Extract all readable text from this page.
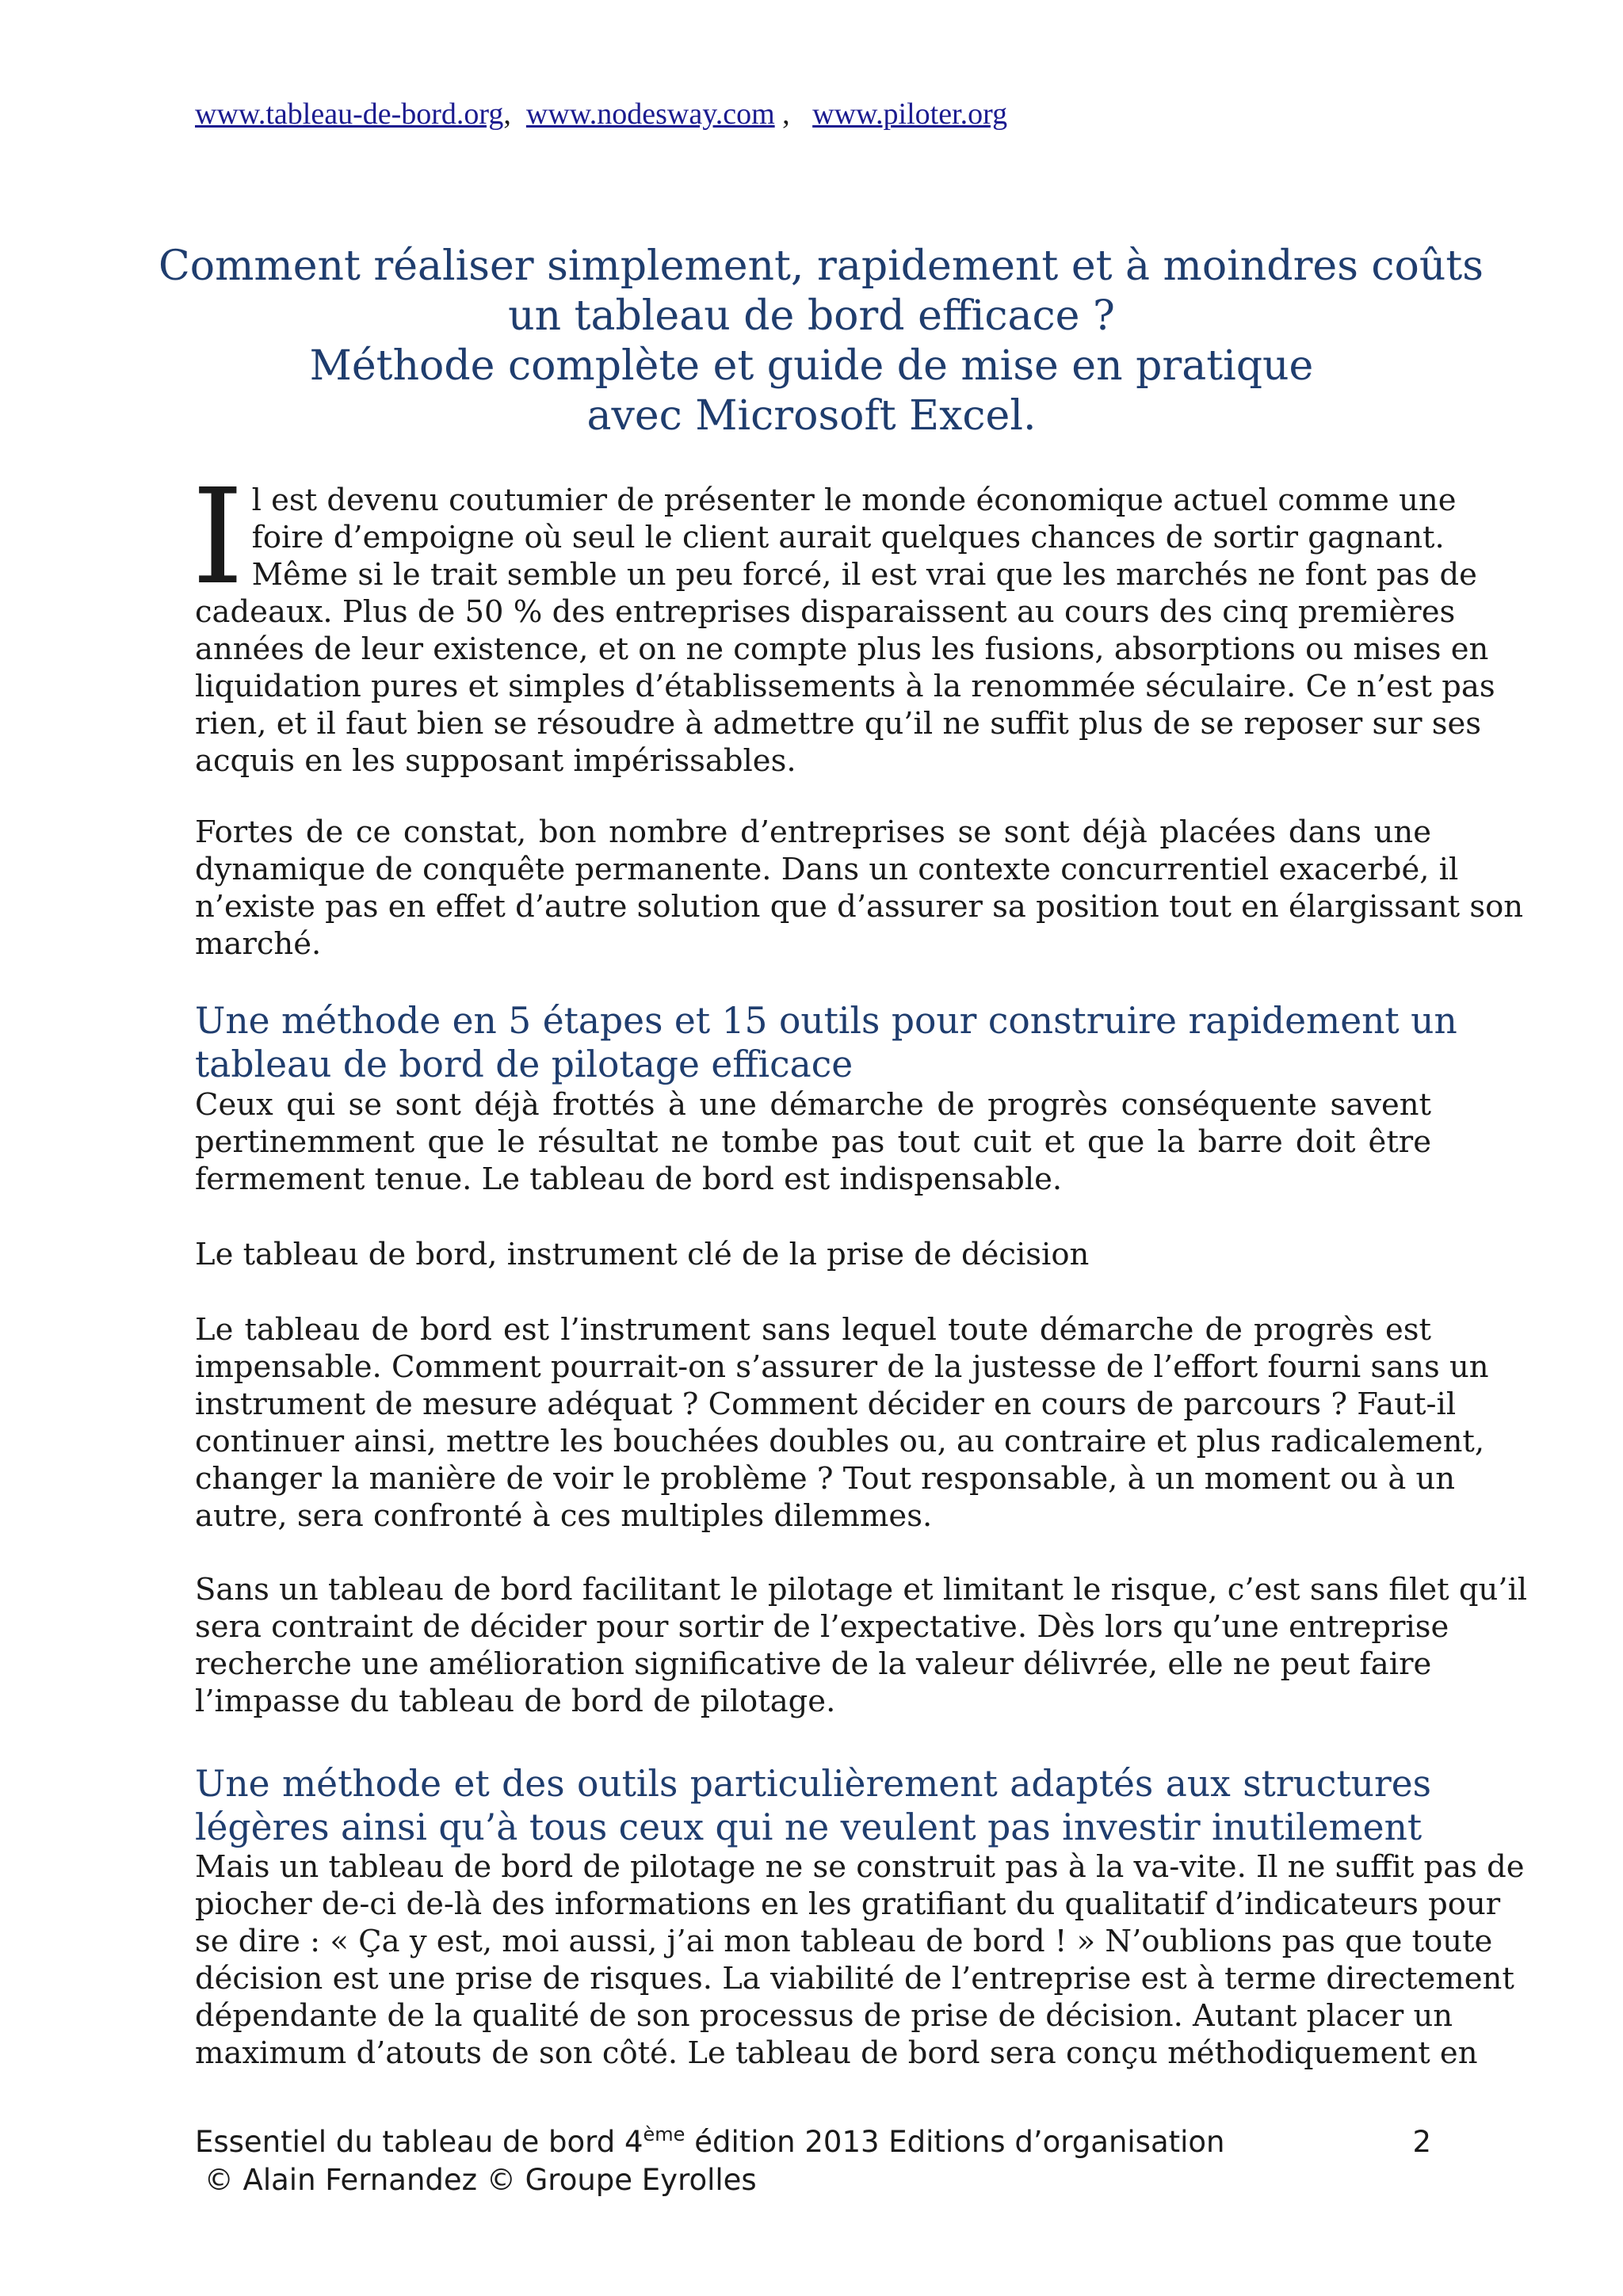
www.tableau-de-bord.org,  www.nodesway.com ,   www.piloter.org
Comment réaliser simplement, rapidement et à moindres coûts
un tableau de bord efficace ?
Méthode complète et guide de mise en pratique
avec Microsoft Excel.
I l est devenu coutumier de présenter le monde économique actuel comme une
foire d’empoigne où seul le client aurait quelques chances de sortir gagnant.
Même si le trait semble un peu forcé, il est vrai que les marchés ne font pas de
cadeaux. Plus de 50 % des entreprises disparaissent au cours des cinq premières
années de leur existence, et on ne compte plus les fusions, absorptions ou mises en
liquidation pures et simples d’établissements à la renommée séculaire. Ce n’est pas
rien, et il faut bien se résoudre à admettre qu’il ne suffit plus de se reposer sur ses
acquis en les supposant impérissables.
Fortes de ce constat, bon nombre d’entreprises se sont déjà placées dans une
dynamique de conquête permanente. Dans un contexte concurrentiel exacerbé, il
n’existe pas en effet d’autre solution que d’assurer sa position tout en élargissant son
marché.
Une méthode en 5 étapes et 15 outils pour construire rapidement un
tableau de bord de pilotage efficace
Ceux qui se sont déjà frottés à une démarche de progrès conséquente savent
pertinemment que le résultat ne tombe pas tout cuit et que la barre doit être
fermement tenue. Le tableau de bord est indispensable.
Le tableau de bord, instrument clé de la prise de décision
Le tableau de bord est l’instrument sans lequel toute démarche de progrès est
impensable. Comment pourrait-on s’assurer de la justesse de l’effort fourni sans un
instrument de mesure adéquat ? Comment décider en cours de parcours ? Faut-il
continuer ainsi, mettre les bouchées doubles ou, au contraire et plus radicalement,
changer la manière de voir le problème ? Tout responsable, à un moment ou à un
autre, sera confronté à ces multiples dilemmes.
Sans un tableau de bord facilitant le pilotage et limitant le risque, c’est sans filet qu’il
sera contraint de décider pour sortir de l’expectative. Dès lors qu’une entreprise
recherche une amélioration significative de la valeur délivrée, elle ne peut faire
l’impasse du tableau de bord de pilotage.
Une méthode et des outils particulièrement adaptés aux structures
légères ainsi qu’à tous ceux qui ne veulent pas investir inutilement
Mais un tableau de bord de pilotage ne se construit pas à la va-vite. Il ne suffit pas de
piocher de-ci de-là des informations en les gratifiant du qualitatif d’indicateurs pour
se dire : « Ça y est, moi aussi, j’ai mon tableau de bord ! » N’oublions pas que toute
décision est une prise de risques. La viabilité de l’entreprise est à terme directement
dépendante de la qualité de son processus de prise de décision. Autant placer un
maximum d’atouts de son côté. Le tableau de bord sera conçu méthodiquement en
Essentiel du tableau de bord 4ème édition 2013 Editions d’organisation
© Alain Fernandez © Groupe Eyrolles
2
